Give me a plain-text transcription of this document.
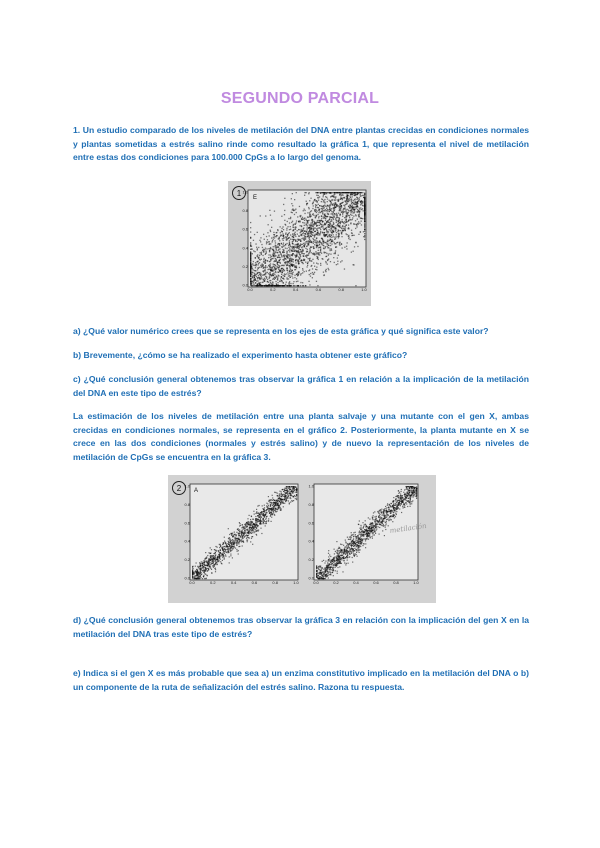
SEGUNDO PARCIAL

1. Un estudio comparado de los niveles de metilación del DNA entre plantas crecidas en condiciones normales y plantas sometidas a estrés salino rinde como resultado la gráfica 1, que representa el nivel de metilación entre estas dos condiciones para 100.000 CpGs a lo largo del genoma.

1 E
0.0	0.2	0.4	0.6	0.8	1.0
0.0
0.2
0.4
0.6
0.8
1.0

a) ¿Qué valor numérico crees que se representa en los ejes de esta gráfica y qué significa este valor?

b) Brevemente, ¿cómo se ha realizado el experimento hasta obtener este gráfico?

c) ¿Qué conclusión general obtenemos tras observar la gráfica 1 en relación a la implicación de la metilación del DNA en este tipo de estrés?

La estimación de los niveles de metilación entre una planta salvaje y una mutante con el gen X, ambas crecidas en condiciones normales, se representa en el gráfico 2. Posteriormente, la planta mutante en X se crece en las dos condiciones (normales y estrés salino) y de nuevo la representación de los niveles de metilación de CpGs se encuentra en la gráfica 3.

2 A
metilación
0.0	0.2	0.4	0.6	0.8	1.0
0.0
0.2
0.4
0.6
0.8
1.0
0.0	0.2	0.4	0.6	0.8	1.0
0.0
0.2
0.4
0.6
0.8
1.0

d) ¿Qué conclusión general obtenemos tras observar la gráfica 3 en relación con la implicación del gen X en la metilación del DNA tras este tipo de estrés?

e) Indica si el gen X es más probable que sea a) un enzima constitutivo implicado en la metilación del DNA o b) un componente de la ruta de señalización del estrés salino. Razona tu respuesta.
